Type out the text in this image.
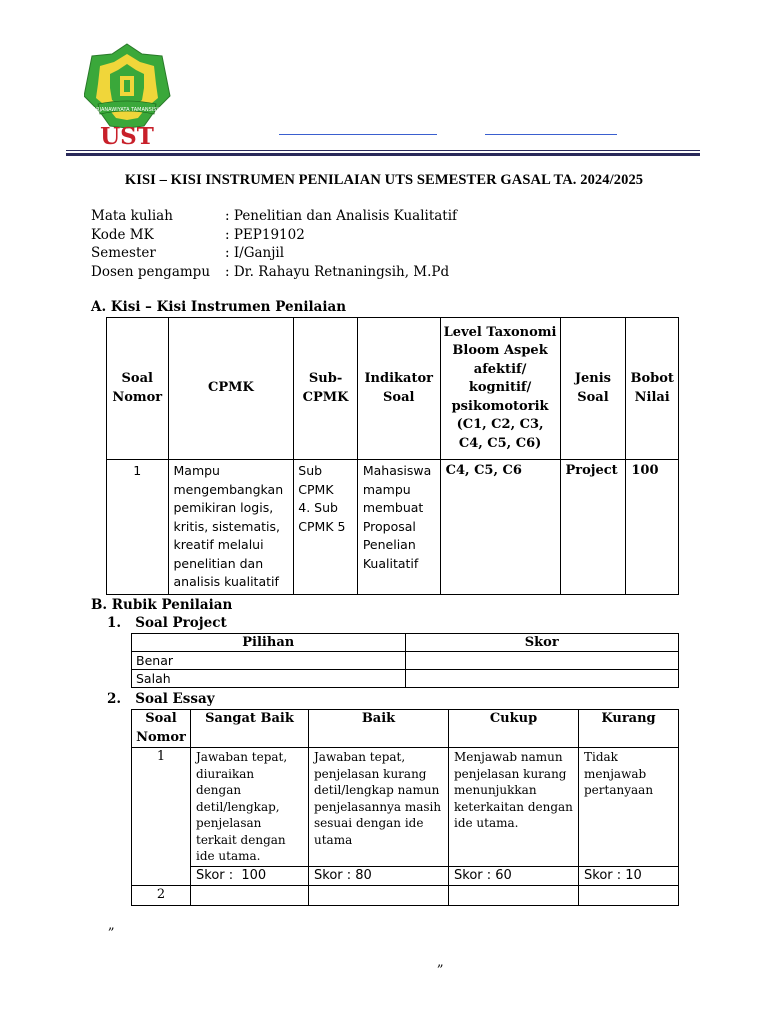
SARJANAWIYATA TAMANSISWA
UST
KISI – KISI INSTRUMEN PENILAIAN UTS SEMESTER GASAL TA. 2024/2025
Mata kuliah	: Penelitian dan Analisis Kualitatif
Kode MK	: PEP19102
Semester	: I/Ganjil
Dosen pengampu	: Dr. Rahayu Retnaningsih, M.Pd
A. Kisi – Kisi Instrumen Penilaian
Soal Nomor	CPMK	Sub-CPMK	Indikator Soal	Level Taxonomi Bloom Aspek afektif/ kognitif/ psikomotorik (C1, C2, C3, C4, C5, C6)	Jenis Soal	Bobot Nilai
1	Mampu mengembangkan pemikiran logis, kritis, sistematis, kreatif melalui penelitian dan analisis kualitatif	Sub CPMK 4. Sub CPMK 5	Mahasiswa mampu membuat Proposal Penelian Kualitatif	C4, C5, C6	Project	100
B. Rubik Penilaian
1.   Soal Project
Pilihan	Skor
Benar	
Salah	
2.   Soal Essay
Soal Nomor	Sangat Baik	Baik	Cukup	Kurang
1	Jawaban tepat, diuraikan dengan detil/lengkap, penjelasan terkait dengan ide utama.	Jawaban tepat, penjelasan kurang detil/lengkap namun penjelasannya masih sesuai dengan ide utama	Menjawab namun penjelasan kurang menunjukkan keterkaitan dengan ide utama.	Tidak menjawab pertanyaan
	Skor :  100	Skor : 80	Skor : 60	Skor : 10
2				
„
„
